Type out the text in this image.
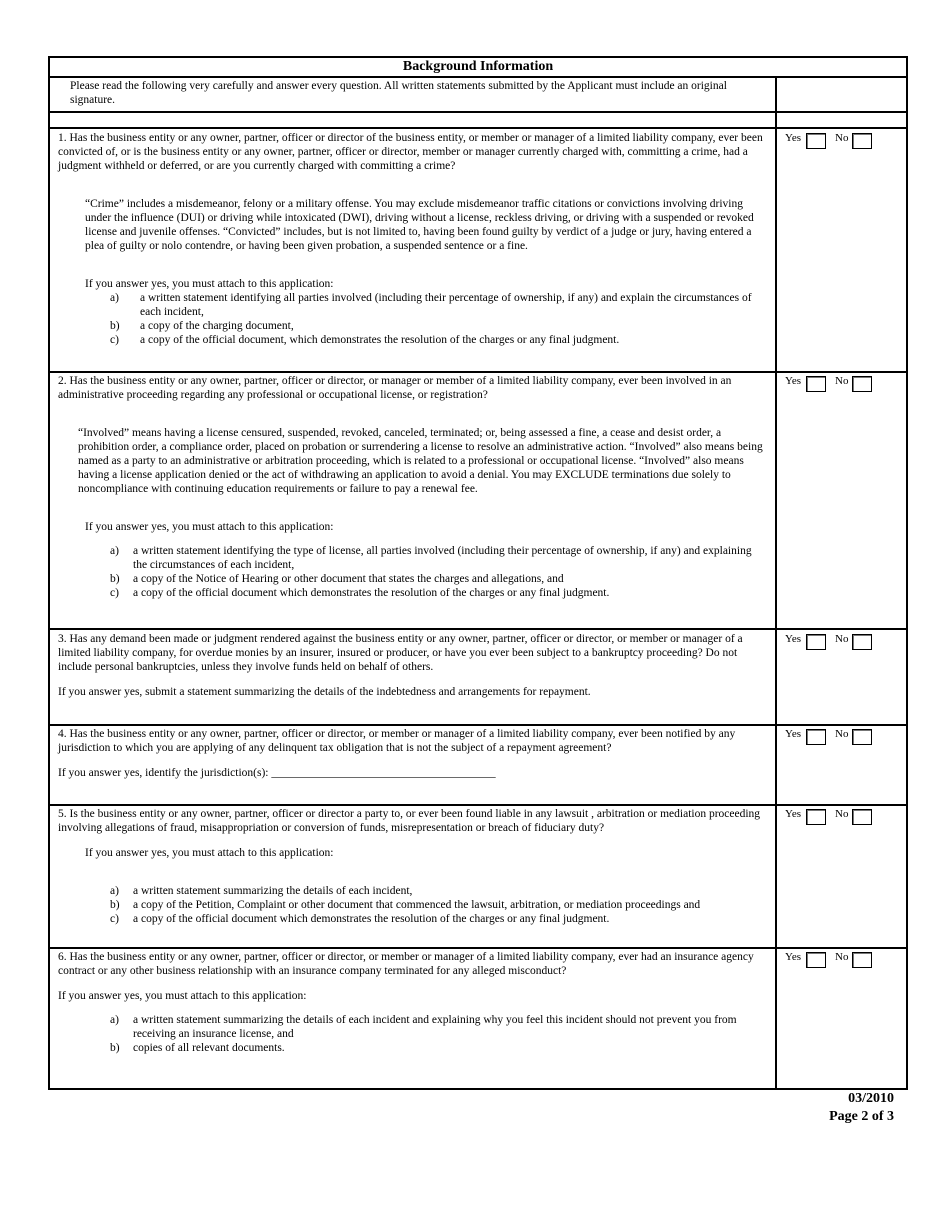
Background Information
Please read the following very carefully and answer every question. All written statements submitted by the Applicant must include an original signature.

1. Has the business entity or any owner, partner, officer or director of the business entity, or member or manager of a limited liability company, ever been convicted of, or is the business entity or any owner, partner, officer or director, member or manager currently charged with, committing a crime, had a judgment withheld or deferred, or are you currently charged with committing a crime?

“Crime” includes a misdemeanor, felony or a military offense. You may exclude misdemeanor traffic citations or convictions involving driving under the influence (DUI) or driving while intoxicated (DWI), driving without a license, reckless driving, or driving with a suspended or revoked license and juvenile offenses. “Convicted” includes, but is not limited to, having been found guilty by verdict of a judge or jury, having entered a plea of guilty or nolo contendre, or having been given probation, a suspended sentence or a fine.

If you answer yes, you must attach to this application:

a) a written statement identifying all parties involved (including their percentage of ownership, if any) and explain the circumstances of each incident,
b) a copy of the charging document,
c) a copy of the official document, which demonstrates the resolution of the charges or any final judgment.
Yes	No

2. Has the business entity or any owner, partner, officer or director, or manager or member of a limited liability company, ever been involved in an administrative proceeding regarding any professional or occupational license, or registration?

“Involved” means having a license censured, suspended, revoked, canceled, terminated; or, being assessed a fine, a cease and desist order, a prohibition order, a compliance order, placed on probation or surrendering a license to resolve an administrative action. “Involved” also means being named as a party to an administrative or arbitration proceeding, which is related to a professional or occupational license. “Involved” also means having a license application denied or the act of withdrawing an application to avoid a denial. You may EXCLUDE terminations due solely to noncompliance with continuing education requirements or failure to pay a renewal fee.

If you answer yes, you must attach to this application:

a) a written statement identifying the type of license, all parties involved (including their percentage of ownership, if any) and explaining the circumstances of each incident,
b) a copy of the Notice of Hearing or other document that states the charges and allegations, and
c) a copy of the official document which demonstrates the resolution of the charges or any final judgment.
Yes	No

3. Has any demand been made or judgment rendered against the business entity or any owner, partner, officer or director, or member or manager of a limited liability company, for overdue monies by an insurer, insured or producer, or have you ever been subject to a bankruptcy proceeding? Do not include personal bankruptcies, unless they involve funds held on behalf of others.

If you answer yes, submit a statement summarizing the details of the indebtedness and arrangements for repayment.

Yes	No

4. Has the business entity or any owner, partner, officer or director, or member or manager of a limited liability company, ever been notified by any jurisdiction to which you are applying of any delinquent tax obligation that is not the subject of a repayment agreement?

If you answer yes, identify the jurisdiction(s): _______________________________________

Yes	No

5. Is the business entity or any owner, partner, officer or director a party to, or ever been found liable in any lawsuit , arbitration or mediation proceeding involving allegations of fraud, misappropriation or conversion of funds, misrepresentation or breach of fiduciary duty?

If you answer yes, you must attach to this application:

a) a written statement summarizing the details of each incident,
b) a copy of the Petition, Complaint or other document that commenced the lawsuit, arbitration, or mediation proceedings and
c) a copy of the official document which demonstrates the resolution of the charges or any final judgment.
Yes	No

6. Has the business entity or any owner, partner, officer or director, or member or manager of a limited liability company, ever had an insurance agency contract or any other business relationship with an insurance company terminated for any alleged misconduct?

If you answer yes, you must attach to this application:

a) a written statement summarizing the details of each incident and explaining why you feel this incident should not prevent you from receiving an insurance license, and
b) copies of all relevant documents.
Yes	No
03/2010
Page 2 of 3
